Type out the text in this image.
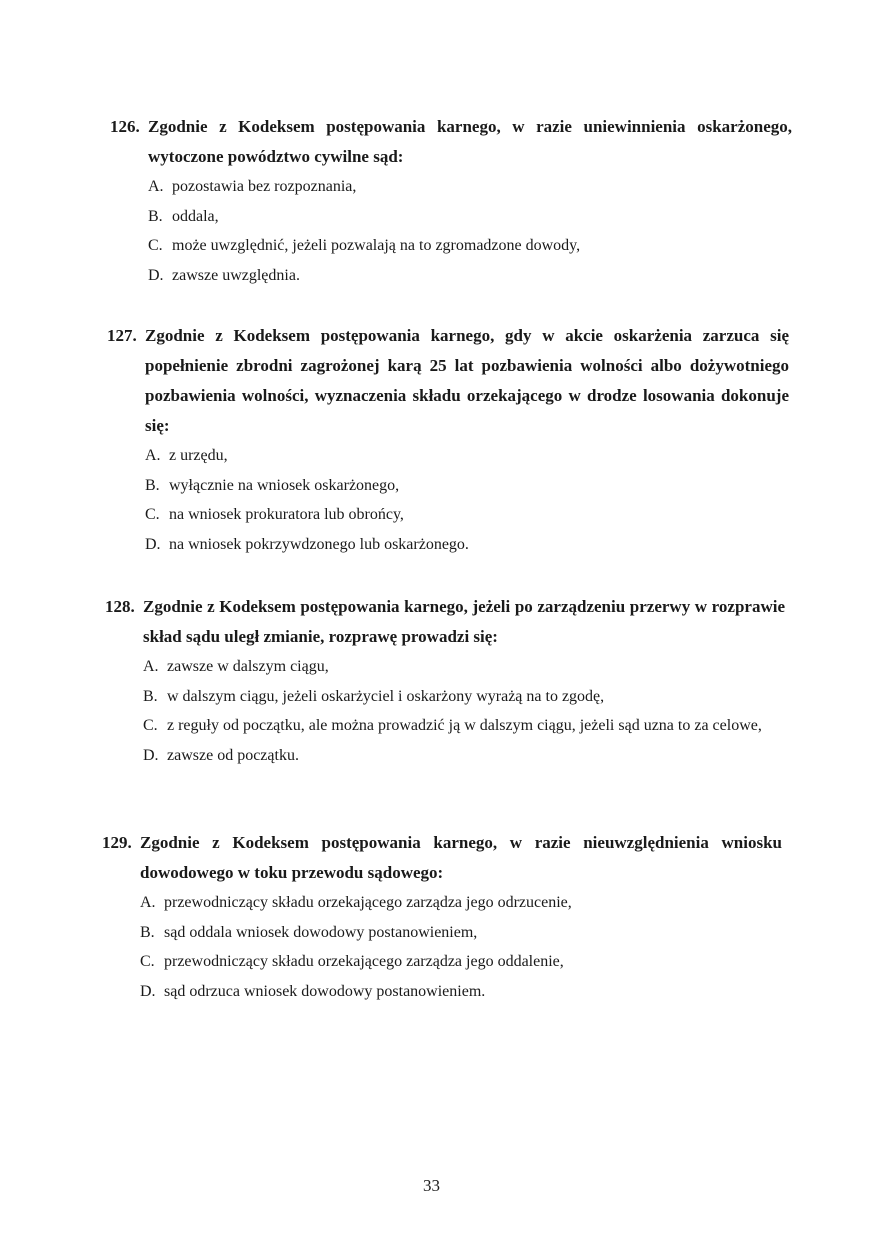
126. Zgodnie z Kodeksem postępowania karnego, w razie uniewinnienia oskarżonego, wytoczone powództwo cywilne sąd:
A. pozostawia bez rozpoznania,
B. oddala,
C. może uwzględnić, jeżeli pozwalają na to zgromadzone dowody,
D. zawsze uwzględnia.
127. Zgodnie z Kodeksem postępowania karnego, gdy w akcie oskarżenia zarzuca się popełnienie zbrodni zagrożonej karą 25 lat pozbawienia wolności albo dożywotniego pozbawienia wolności, wyznaczenia składu orzekającego w drodze losowania dokonuje się:
A. z urzędu,
B. wyłącznie na wniosek oskarżonego,
C. na wniosek prokuratora lub obrońcy,
D. na wniosek pokrzywdzonego lub oskarżonego.
128. Zgodnie z Kodeksem postępowania karnego, jeżeli po zarządzeniu przerwy w rozprawie skład sądu uległ zmianie, rozprawę prowadzi się:
A. zawsze w dalszym ciągu,
B. w dalszym ciągu, jeżeli oskarżyciel i oskarżony wyrażą na to zgodę,
C. z reguły od początku, ale można prowadzić ją w dalszym ciągu, jeżeli sąd uzna to za celowe,
D. zawsze od początku.
129. Zgodnie z Kodeksem postępowania karnego, w razie nieuwzględnienia wniosku dowodowego w toku przewodu sądowego:
A. przewodniczący składu orzekającego zarządza jego odrzucenie,
B. sąd oddala wniosek dowodowy postanowieniem,
C. przewodniczący składu orzekającego zarządza jego oddalenie,
D. sąd odrzuca wniosek dowodowy postanowieniem.
33
